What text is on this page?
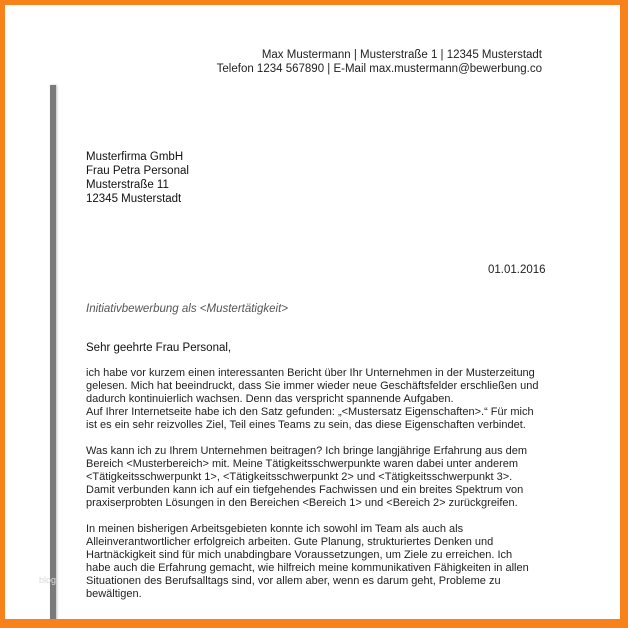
blog
Max Mustermann | Musterstraße 1 | 12345 Musterstadt
Telefon 1234 567890 | E-Mail max.mustermann@bewerbung.co
Musterfirma GmbH
Frau Petra Personal
Musterstraße 11
12345 Musterstadt
01.01.2016
Initiativbewerbung als <Mustertätigkeit>
Sehr geehrte Frau Personal,

ich habe vor kurzem einen interessanten Bericht über Ihr Unternehmen in der Musterzeitung
gelesen. Mich hat beeindruckt, dass Sie immer wieder neue Geschäftsfelder erschließen und
dadurch kontinuierlich wachsen. Denn das verspricht spannende Aufgaben.
Auf Ihrer Internetseite habe ich den Satz gefunden: „<Mustersatz Eigenschaften>.“ Für mich
ist es ein sehr reizvolles Ziel, Teil eines Teams zu sein, das diese Eigenschaften verbindet.

Was kann ich zu Ihrem Unternehmen beitragen? Ich bringe langjährige Erfahrung aus dem
Bereich <Musterbereich> mit. Meine Tätigkeitsschwerpunkte waren dabei unter anderem
<Tätigkeitsschwerpunkt 1>, <Tätigkeitsschwerpunkt 2> und <Tätigkeitsschwerpunkt 3>.
Damit verbunden kann ich auf ein tiefgehendes Fachwissen und ein breites Spektrum von
praxiserprobten Lösungen in den Bereichen <Bereich 1> und <Bereich 2> zurückgreifen.

In meinen bisherigen Arbeitsgebieten konnte ich sowohl im Team als auch als
Alleinverantwortlicher erfolgreich arbeiten. Gute Planung, strukturiertes Denken und
Hartnäckigkeit sind für mich unabdingbare Voraussetzungen, um Ziele zu erreichen. Ich
habe auch die Erfahrung gemacht, wie hilfreich meine kommunikativen Fähigkeiten in allen
Situationen des Berufsalltags sind, vor allem aber, wenn es darum geht, Probleme zu
bewältigen.
